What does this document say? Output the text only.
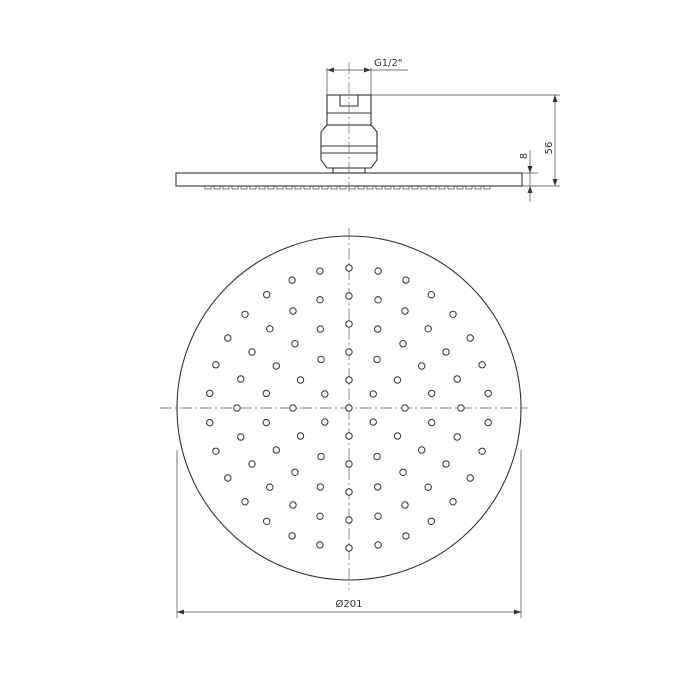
G1/2"
56
8
Ø201
